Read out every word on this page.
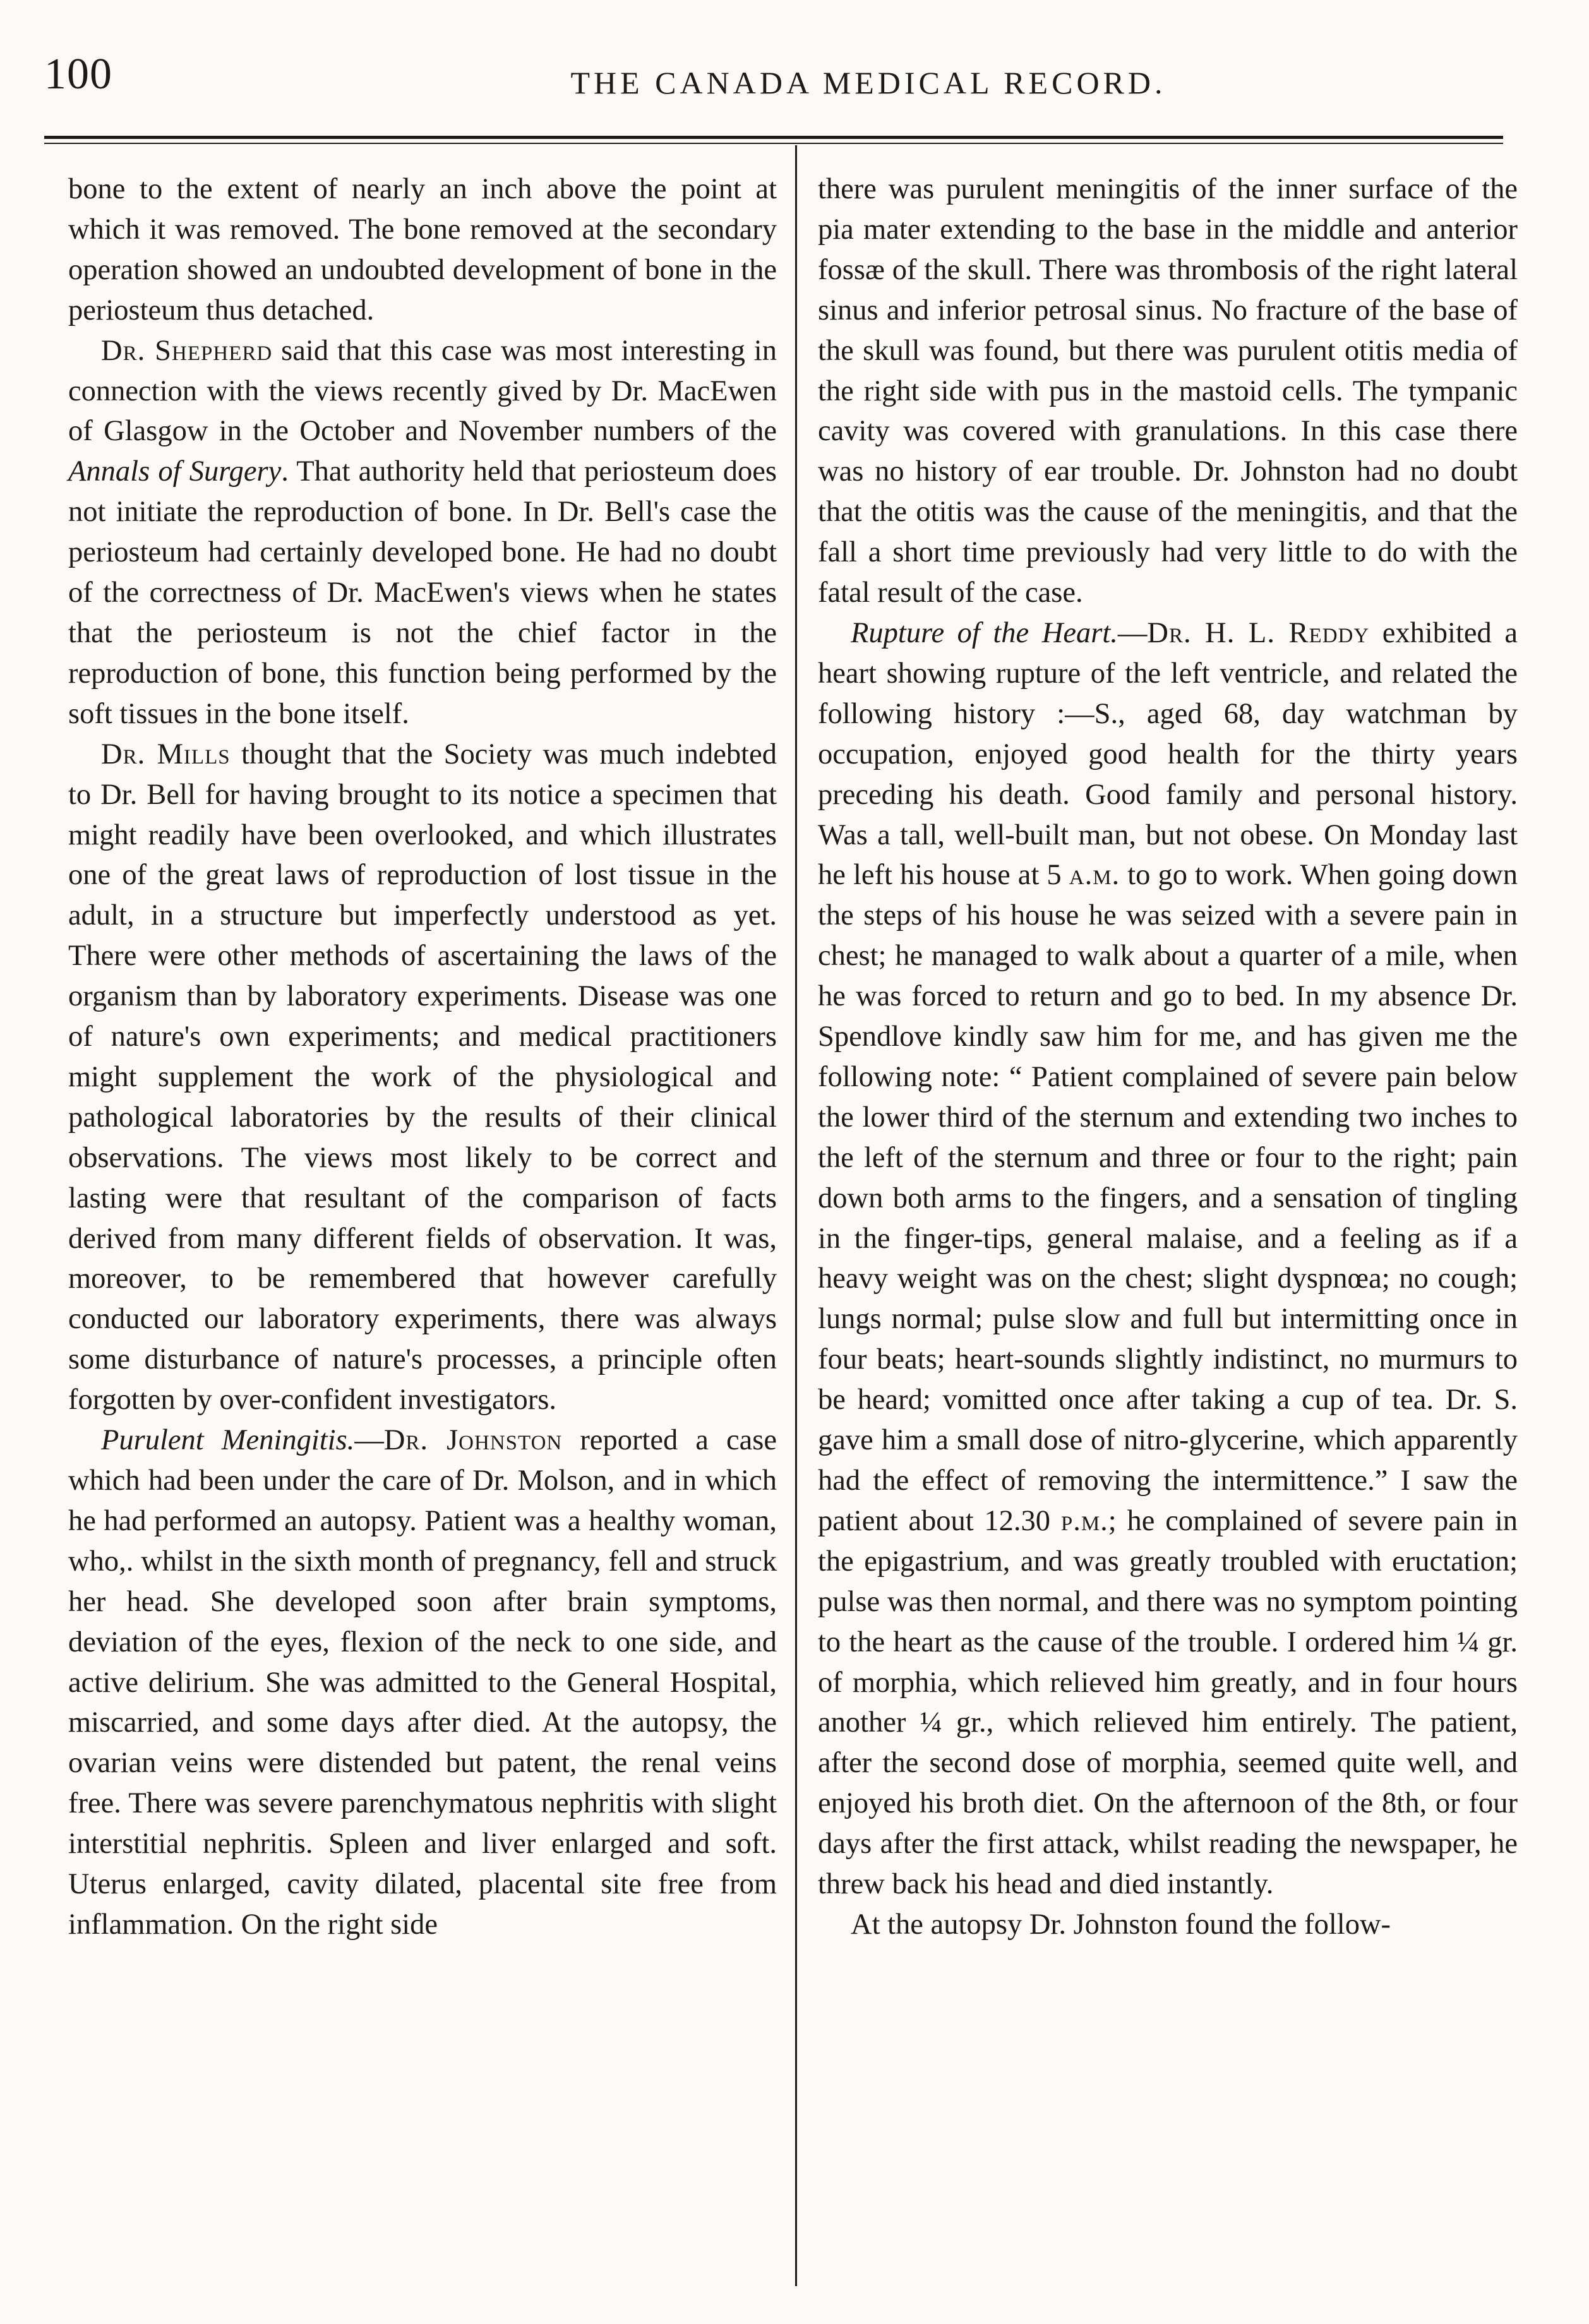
100	THE CANADA MEDICAL RECORD.

bone to the extent of nearly an inch above the point at which it was removed. The bone removed at the secondary operation showed an undoubted development of bone in the periosteum thus detached.

Dr. Shepherd said that this case was most interesting in connection with the views recently gived by Dr. MacEwen of Glasgow in the October and November numbers of the Annals of Surgery. That authority held that periosteum does not initiate the reproduction of bone. In Dr. Bell's case the periosteum had certainly developed bone. He had no doubt of the correctness of Dr. MacEwen's views when he states that the periosteum is not the chief factor in the reproduction of bone, this function being performed by the soft tissues in the bone itself.

Dr. Mills thought that the Society was much indebted to Dr. Bell for having brought to its notice a specimen that might readily have been overlooked, and which illustrates one of the great laws of reproduction of lost tissue in the adult, in a structure but imperfectly understood as yet. There were other methods of ascertaining the laws of the organism than by laboratory experiments. Disease was one of nature's own experiments; and medical practitioners might supplement the work of the physiological and pathological laboratories by the results of their clinical observations. The views most likely to be correct and lasting were that resultant of the comparison of facts derived from many different fields of observation. It was, moreover, to be remembered that however carefully conducted our laboratory experiments, there was always some disturbance of nature's processes, a principle often forgotten by over-confident investigators.

Purulent Meningitis.—Dr. Johnston reported a case which had been under the care of Dr. Molson, and in which he had performed an autopsy. Patient was a healthy woman, who,. whilst in the sixth month of pregnancy, fell and struck her head. She developed soon after brain symptoms, deviation of the eyes, flexion of the neck to one side, and active delirium. She was admitted to the General Hospital, miscarried, and some days after died. At the autopsy, the ovarian veins were distended but patent, the renal veins free. There was severe parenchymatous nephritis with slight interstitial nephritis. Spleen and liver enlarged and soft. Uterus enlarged, cavity dilated, placental site free from inflammation. On the right side

there was purulent meningitis of the inner surface of the pia mater extending to the base in the middle and anterior fossæ of the skull. There was thrombosis of the right lateral sinus and inferior petrosal sinus. No fracture of the base of the skull was found, but there was purulent otitis media of the right side with pus in the mastoid cells. The tympanic cavity was covered with granulations. In this case there was no history of ear trouble. Dr. Johnston had no doubt that the otitis was the cause of the meningitis, and that the fall a short time previously had very little to do with the fatal result of the case.

Rupture of the Heart.—Dr. H. L. Reddy exhibited a heart showing rupture of the left ventricle, and related the following history :—S., aged 68, day watchman by occupation, enjoyed good health for the thirty years preceding his death. Good family and personal history. Was a tall, well-built man, but not obese. On Monday last he left his house at 5 a.m. to go to work. When going down the steps of his house he was seized with a severe pain in chest; he managed to walk about a quarter of a mile, when he was forced to return and go to bed. In my absence Dr. Spendlove kindly saw him for me, and has given me the following note: “ Patient complained of severe pain below the lower third of the sternum and extending two inches to the left of the sternum and three or four to the right; pain down both arms to the fingers, and a sensation of tingling in the finger-tips, general malaise, and a feeling as if a heavy weight was on the chest; slight dyspnœa; no cough; lungs normal; pulse slow and full but intermitting once in four beats; heart-sounds slightly indistinct, no murmurs to be heard; vomitted once after taking a cup of tea. Dr. S. gave him a small dose of nitro-glycerine, which apparently had the effect of removing the intermittence.” I saw the patient about 12.30 p.m.; he complained of severe pain in the epigastrium, and was greatly troubled with eructation; pulse was then normal, and there was no symptom pointing to the heart as the cause of the trouble. I ordered him ¼ gr. of morphia, which relieved him greatly, and in four hours another ¼ gr., which relieved him entirely. The patient, after the second dose of morphia, seemed quite well, and enjoyed his broth diet. On the afternoon of the 8th, or four days after the first attack, whilst reading the newspaper, he threw back his head and died instantly.

At the autopsy Dr. Johnston found the follow-
